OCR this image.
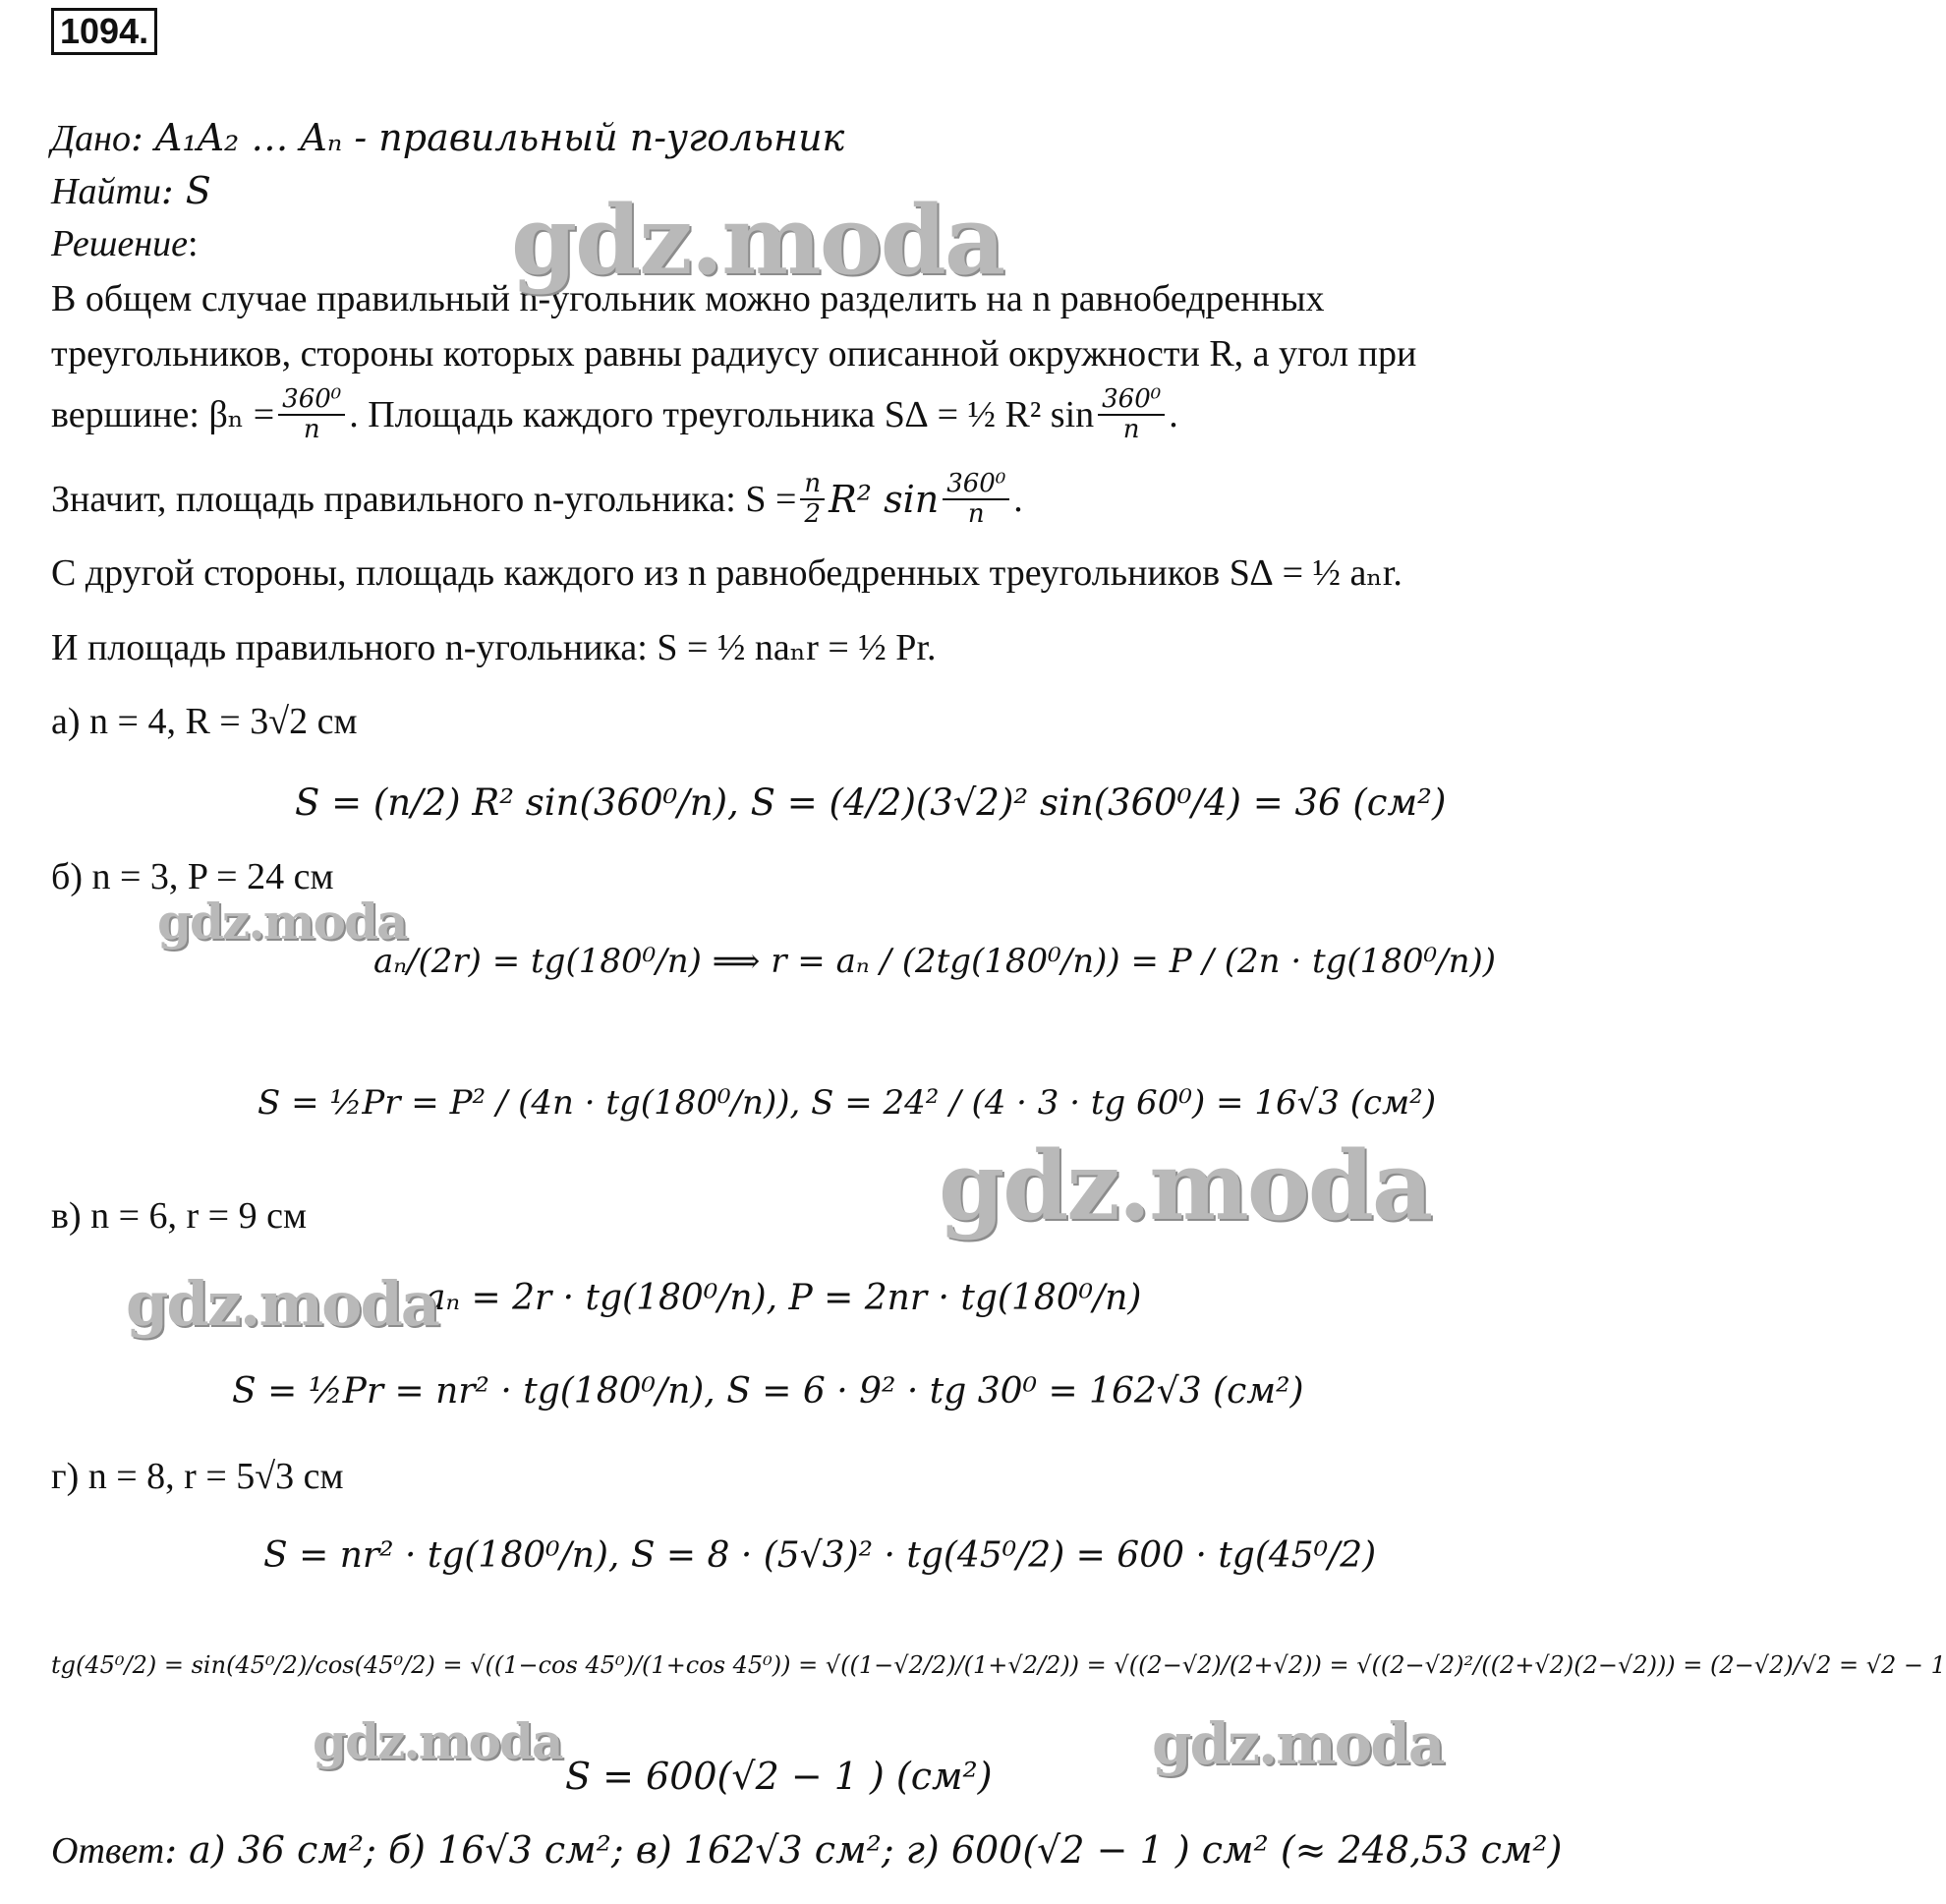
1094.
Дано: A₁A₂ … Aₙ - правильный n-угольник
Найти: S
Решение:
В общем случае правильный n-угольник можно разделить на n равнобедренных
треугольников, стороны которых равны радиусу описанной окружности R, а угол при
вершине: $\beta_n = \frac{\text{360⁰}}{n}$ . Площадь каждого треугольника S∆ = ½ R² $\sin \frac{\text{360⁰}}{n}$ .
Значит, площадь правильного n-угольника: $S = \frac{n}{2} R^2$ $\sin \frac{\text{360⁰}}{n}$ .
С другой стороны, площадь каждого из n равнобедренных треугольников S∆ = ½ aₙr.
И площадь правильного n-угольника: S = ½ naₙr = ½ Pr.
а) n = 4, R = 3√2 см
S = (n/2) R² sin(360⁰/n), S = (4/2)(3√2)² sin(360⁰/4) = 36 (см²)
б) n = 3, P = 24 см
aₙ/(2r) = tg(180⁰/n) ⟹ r = aₙ / (2tg(180⁰/n)) = P / (2n · tg(180⁰/n))
S = ½Pr = P² / (4n · tg(180⁰/n)), S = 24² / (4 · 3 · tg 60⁰) = 16√3 (см²)
в) n = 6, r = 9 см
aₙ = 2r · tg(180⁰/n), P = 2nr · tg(180⁰/n)
S = ½Pr = nr² · tg(180⁰/n), S = 6 · 9² · tg 30⁰ = 162√3 (см²)
г) n = 8, r = 5√3 см
S = nr² · tg(180⁰/n), S = 8 · (5√3)² · tg(45⁰/2) = 600 · tg(45⁰/2)
tg(45⁰/2) = sin(45⁰/2)/cos(45⁰/2) = √((1−cos 45⁰)/(1+cos 45⁰)) = √((1−√2/2)/(1+√2/2)) = √((2−√2)/(2+√2)) = √((2−√2)²/((2+√2)(2−√2))) = (2−√2)/√2 = √2 − 1
S = 600(√2 − 1 ) (см²)
Ответ: а) 36 см²; б) 16√3 см²; в) 162√3 см²; г) 600(√2 − 1 ) см² (≈ 248,53 см²)
gdz.moda
gdz.moda
gdz.moda
gdz.moda
gdz.moda	gdz.moda
